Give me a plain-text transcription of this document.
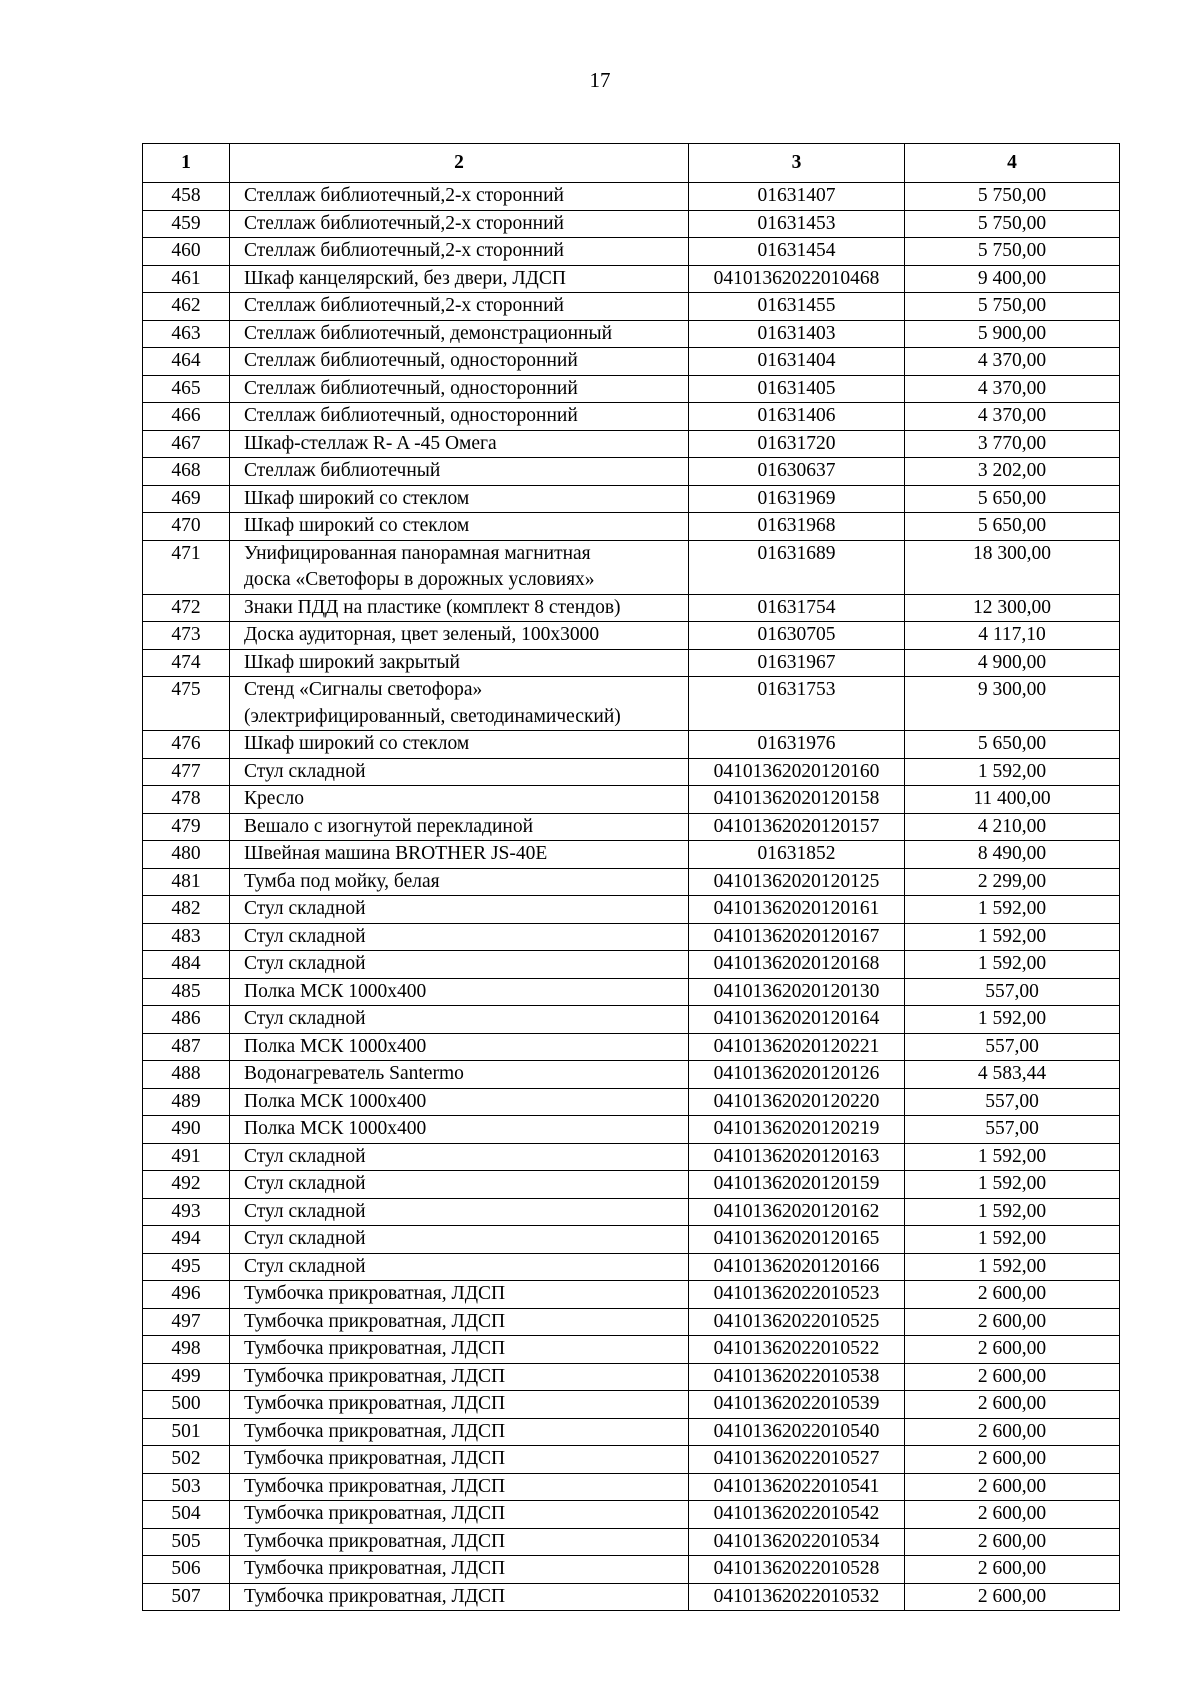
17
1	2	3	4
458	Стеллаж библиотечный,2-х сторонний	01631407	5 750,00
459	Стеллаж библиотечный,2-х сторонний	01631453	5 750,00
460	Стеллаж библиотечный,2-х сторонний	01631454	5 750,00
461	Шкаф канцелярский, без двери, ЛДСП	04101362022010468	9 400,00
462	Стеллаж библиотечный,2-х сторонний	01631455	5 750,00
463	Стеллаж библиотечный, демонстрационный	01631403	5 900,00
464	Стеллаж библиотечный, односторонний	01631404	4 370,00
465	Стеллаж библиотечный, односторонний	01631405	4 370,00
466	Стеллаж библиотечный, односторонний	01631406	4 370,00
467	Шкаф-стеллаж R- A -45 Омега	01631720	3 770,00
468	Стеллаж библиотечный	01630637	3 202,00
469	Шкаф широкий со стеклом	01631969	5 650,00
470	Шкаф широкий со стеклом	01631968	5 650,00
471	Унифицированная панорамная магнитная
доска «Светофоры в дорожных условиях»	01631689	18 300,00
472	Знаки ПДД на пластике (комплект 8 стендов)	01631754	12 300,00
473	Доска аудиторная, цвет зеленый, 100х3000	01630705	4 117,10
474	Шкаф широкий закрытый	01631967	4 900,00
475	Стенд «Сигналы светофора»
(электрифицированный, светодинамический)	01631753	9 300,00
476	Шкаф широкий со стеклом	01631976	5 650,00
477	Стул складной	04101362020120160	1 592,00
478	Кресло	04101362020120158	11 400,00
479	Вешало с изогнутой перекладиной	04101362020120157	4 210,00
480	Швейная машина BROTHER JS-40E	01631852	8 490,00
481	Тумба под мойку, белая	04101362020120125	2 299,00
482	Стул складной	04101362020120161	1 592,00
483	Стул складной	04101362020120167	1 592,00
484	Стул складной	04101362020120168	1 592,00
485	Полка МСК 1000х400	04101362020120130	557,00
486	Стул складной	04101362020120164	1 592,00
487	Полка МСК 1000х400	04101362020120221	557,00
488	Водонагреватель Santermo	04101362020120126	4 583,44
489	Полка МСК 1000х400	04101362020120220	557,00
490	Полка МСК 1000х400	04101362020120219	557,00
491	Стул складной	04101362020120163	1 592,00
492	Стул складной	04101362020120159	1 592,00
493	Стул складной	04101362020120162	1 592,00
494	Стул складной	04101362020120165	1 592,00
495	Стул складной	04101362020120166	1 592,00
496	Тумбочка прикроватная, ЛДСП	04101362022010523	2 600,00
497	Тумбочка прикроватная, ЛДСП	04101362022010525	2 600,00
498	Тумбочка прикроватная, ЛДСП	04101362022010522	2 600,00
499	Тумбочка прикроватная, ЛДСП	04101362022010538	2 600,00
500	Тумбочка прикроватная, ЛДСП	04101362022010539	2 600,00
501	Тумбочка прикроватная, ЛДСП	04101362022010540	2 600,00
502	Тумбочка прикроватная, ЛДСП	04101362022010527	2 600,00
503	Тумбочка прикроватная, ЛДСП	04101362022010541	2 600,00
504	Тумбочка прикроватная, ЛДСП	04101362022010542	2 600,00
505	Тумбочка прикроватная, ЛДСП	04101362022010534	2 600,00
506	Тумбочка прикроватная, ЛДСП	04101362022010528	2 600,00
507	Тумбочка прикроватная, ЛДСП	04101362022010532	2 600,00
